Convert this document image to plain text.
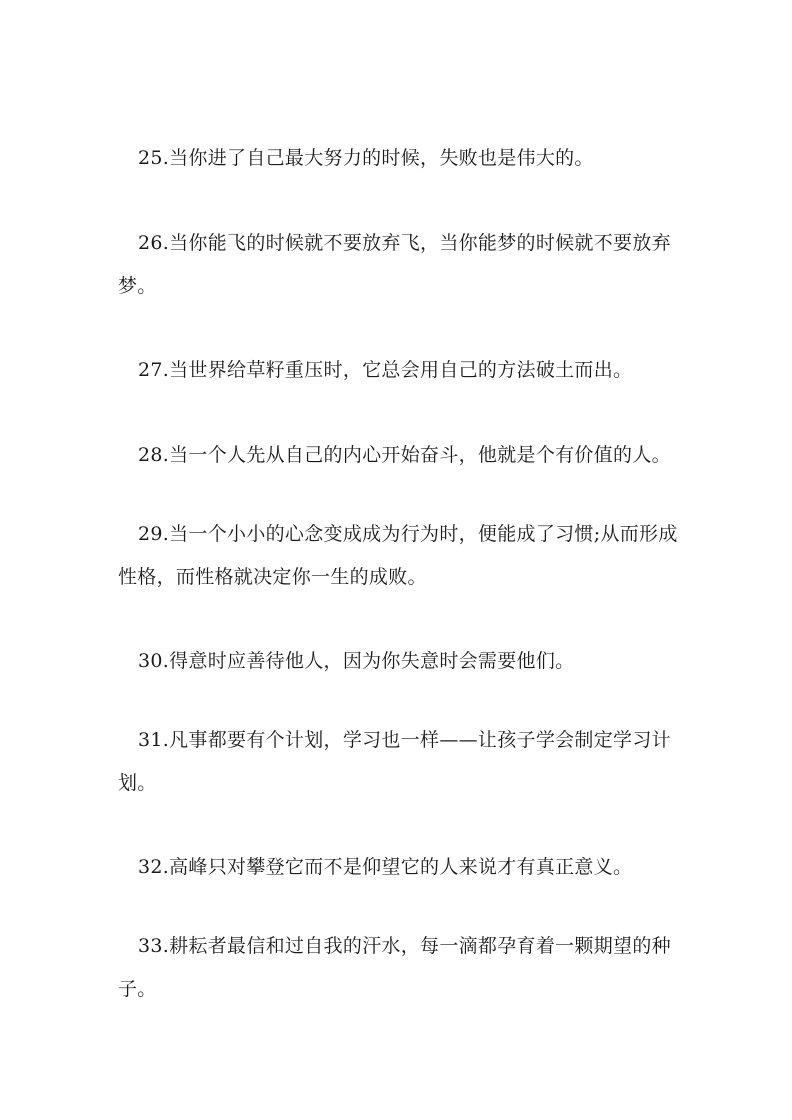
25.当你进了自己最大努力的时候，失败也是伟大的。

26.当你能飞的时候就不要放弃飞，当你能梦的时候就不要放弃梦。

27.当世界给草籽重压时，它总会用自己的方法破土而出。

28.当一个人先从自己的内心开始奋斗，他就是个有价值的人。

29.当一个小小的心念变成成为行为时，便能成了习惯;从而形成性格，而性格就决定你一生的成败。

30.得意时应善待他人，因为你失意时会需要他们。

31.凡事都要有个计划，学习也一样——让孩子学会制定学习计划。

32.高峰只对攀登它而不是仰望它的人来说才有真正意义。

33.耕耘者最信和过自我的汗水，每一滴都孕育着一颗期望的种子。
